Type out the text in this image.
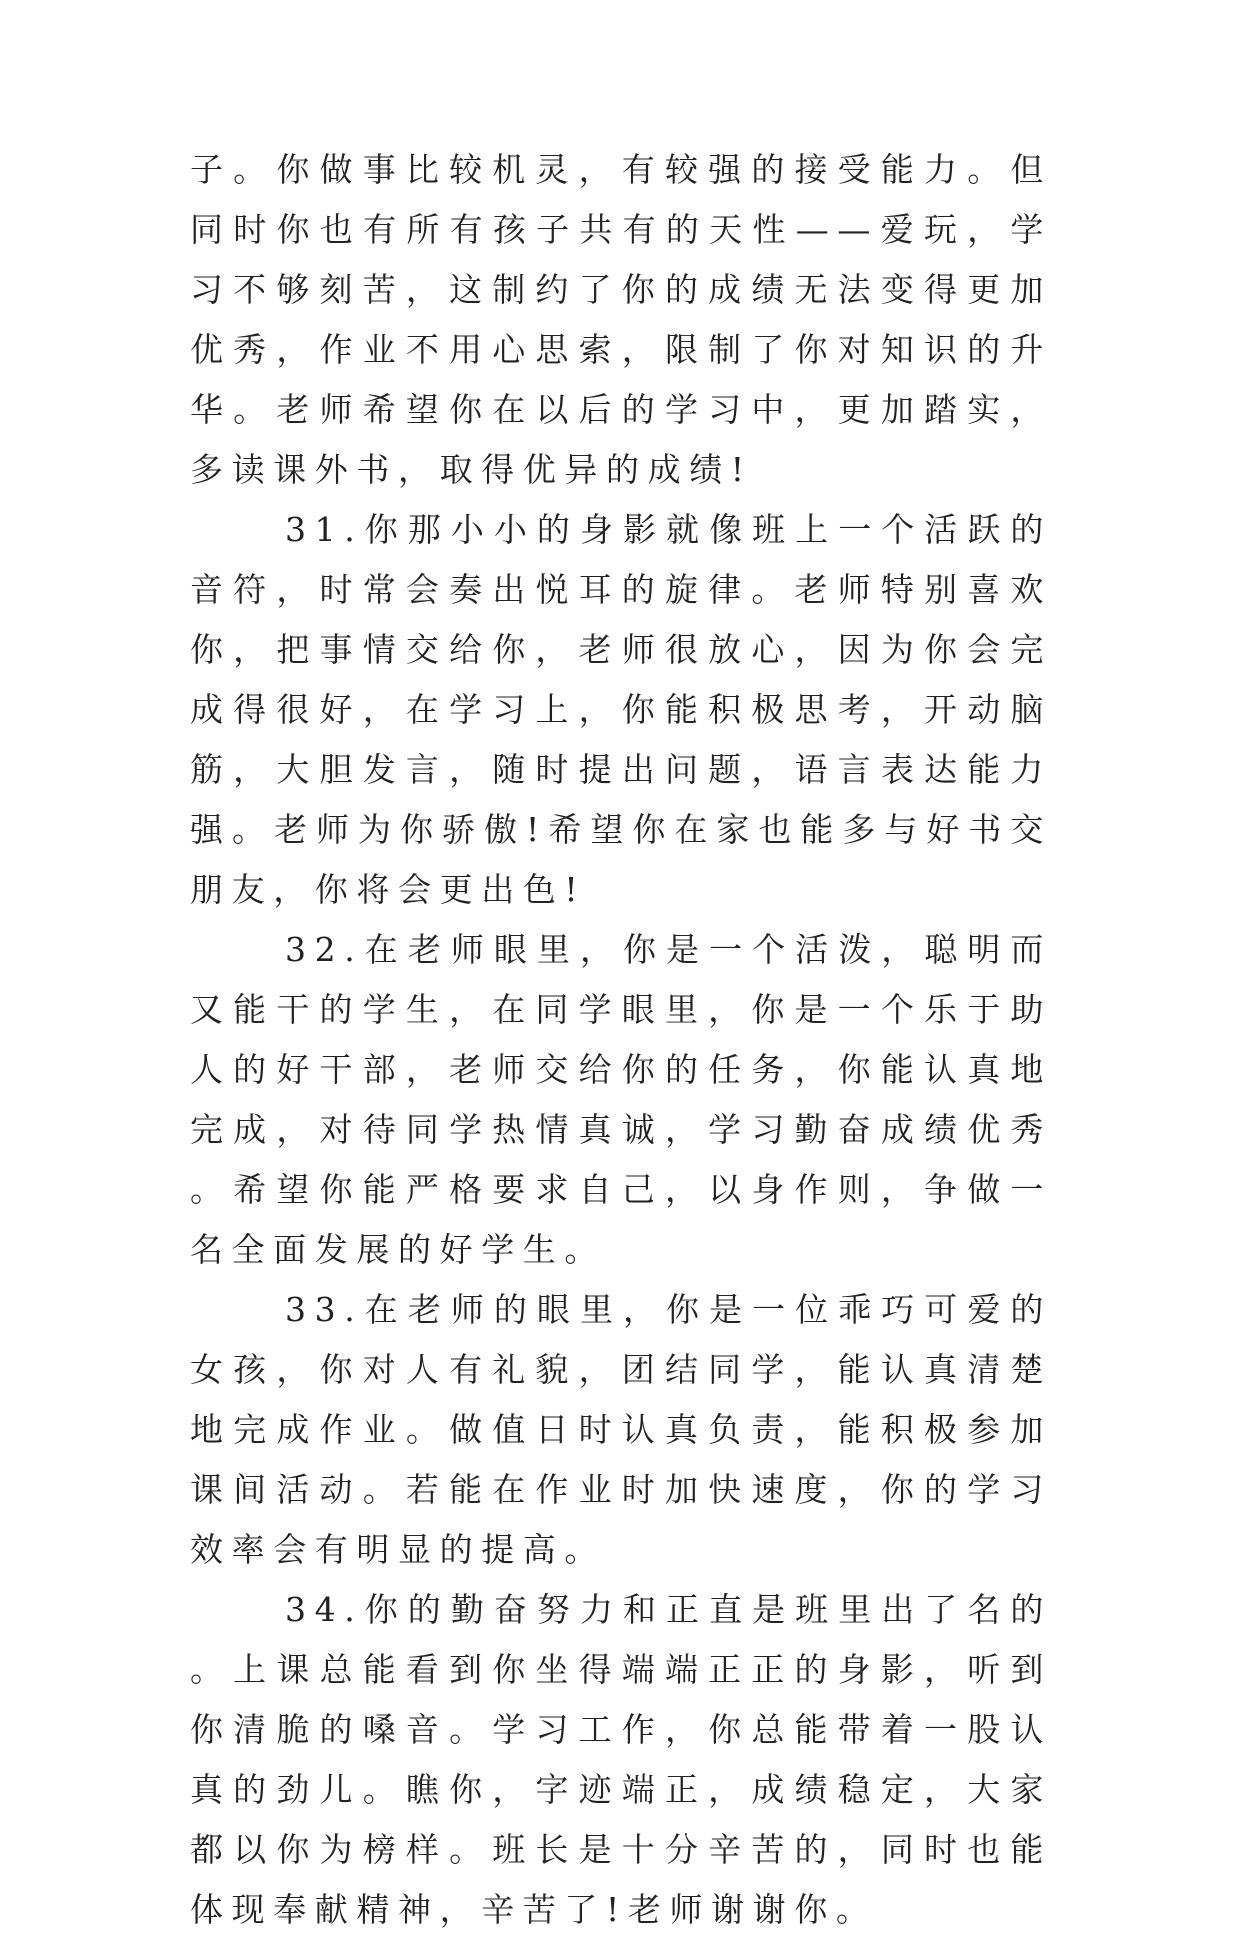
子。你做事比较机灵，有较强的接受能力。但同时你也有所有孩子共有的天性——爱玩，学习不够刻苦，这制约了你的成绩无法变得更加优秀，作业不用心思索，限制了你对知识的升华。老师希望你在以后的学习中，更加踏实，多读课外书，取得优异的成绩!

31.你那小小的身影就像班上一个活跃的音符，时常会奏出悦耳的旋律。老师特别喜欢你，把事情交给你，老师很放心，因为你会完成得很好，在学习上，你能积极思考，开动脑筋，大胆发言，随时提出问题，语言表达能力强。老师为你骄傲!希望你在家也能多与好书交朋友，你将会更出色!

32.在老师眼里，你是一个活泼，聪明而又能干的学生，在同学眼里，你是一个乐于助人的好干部，老师交给你的任务，你能认真地完成，对待同学热情真诚，学习勤奋成绩优秀。希望你能严格要求自己，以身作则，争做一名全面发展的好学生。

33.在老师的眼里，你是一位乖巧可爱的女孩，你对人有礼貌，团结同学，能认真清楚地完成作业。做值日时认真负责，能积极参加课间活动。若能在作业时加快速度，你的学习效率会有明显的提高。

34.你的勤奋努力和正直是班里出了名的。上课总能看到你坐得端端正正的身影，听到你清脆的嗓音。学习工作，你总能带着一股认真的劲儿。瞧你，字迹端正，成绩稳定，大家都以你为榜样。班长是十分辛苦的，同时也能体现奉献精神，辛苦了!老师谢谢你。
